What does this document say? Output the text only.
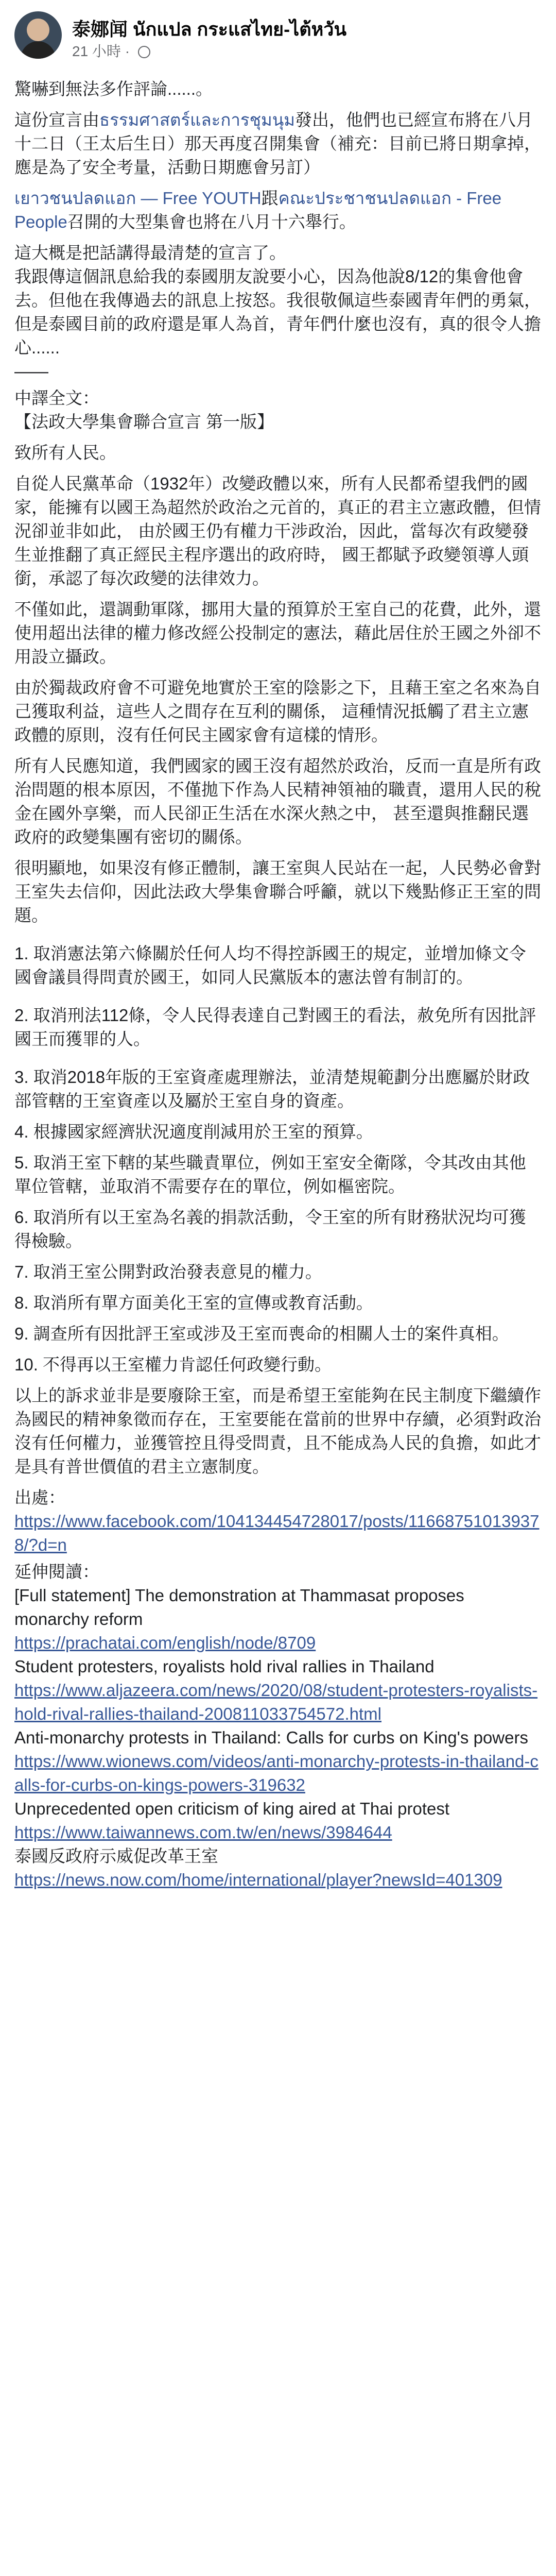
泰娜闻 นักแปล กระแสไทย-ไต้หวัน
21 小時 ·

驚嚇到無法多作評論......。

這份宣言由ธรรมศาสตร์และการชุมนุม發出，他們也已經宣布將在八月十二日（王太后生日）那天再度召開集會（補充：目前已將日期拿掉，應是為了安全考量，活動日期應會另訂）

เยาวชนปลดแอก — Free YOUTH跟คณะประชาชนปลดแอก - Free People召開的大型集會也將在八月十六舉行。

這大概是把話講得最清楚的宣言了。

我跟傳這個訊息給我的泰國朋友說要小心，因為他說8/12的集會他會去。但他在我傳過去的訊息上按怒。我很敬佩這些泰國青年們的勇氣，但是泰國目前的政府還是軍人為首，青年們什麼也沒有，真的很令人擔心......

——

中譯全文：

【法政大學集會聯合宣言 第一版】

致所有人民。

自從人民黨革命（1932年）改變政體以來，所有人民都希望我們的國家，能擁有以國王為超然於政治之元首的，真正的君主立憲政體，但情況卻並非如此， 由於國王仍有權力干涉政治，因此，當每次有政變發生並推翻了真正經民主程序選出的政府時， 國王都賦予政變領導人頭銜，承認了每次政變的法律效力。

不僅如此，還調動軍隊，挪用大量的預算於王室自己的花費，此外，還使用超出法律的權力修改經公投制定的憲法，藉此居住於王國之外卻不用設立攝政。

由於獨裁政府會不可避免地實於王室的陰影之下，且藉王室之名來為自己獲取利益，這些人之間存在互利的關係， 這種情況抵觸了君主立憲政體的原則，沒有任何民主國家會有這樣的情形。

所有人民應知道，我們國家的國王沒有超然於政治，反而一直是所有政治問題的根本原因，不僅拋下作為人民精神領袖的職責，還用人民的稅金在國外享樂，而人民卻正生活在水深火熱之中， 甚至還與推翻民選政府的政變集團有密切的關係。

很明顯地，如果沒有修正體制，讓王室與人民站在一起，人民勢必會對王室失去信仰，因此法政大學集會聯合呼籲，就以下幾點修正王室的問題。

1. 取消憲法第六條關於任何人均不得控訴國王的規定，並增加條文令國會議員得問責於國王，如同人民黨版本的憲法曾有制訂的。

2. 取消刑法112條，令人民得表達自己對國王的看法，赦免所有因批評國王而獲罪的人。

3. 取消2018年版的王室資產處理辦法，並清楚規範劃分出應屬於財政部管轄的王室資產以及屬於王室自身的資產。

4. 根據國家經濟狀況適度削減用於王室的預算。

5. 取消王室下轄的某些職責單位，例如王室安全衛隊，令其改由其他單位管轄，並取消不需要存在的單位，例如樞密院。

6. 取消所有以王室為名義的捐款活動，令王室的所有財務狀況均可獲得檢驗。

7. 取消王室公開對政治發表意見的權力。

8. 取消所有單方面美化王室的宣傳或教育活動。

9. 調查所有因批評王室或涉及王室而喪命的相關人士的案件真相。

10. 不得再以王室權力肯認任何政變行動。

以上的訴求並非是要廢除王室，而是希望王室能夠在民主制度下繼續作為國民的精神象徵而存在，王室要能在當前的世界中存續，必須對政治沒有任何權力，並獲管控且得受問責，且不能成為人民的負擔，如此才是具有普世價值的君主立憲制度。

出處：
https://www.facebook.com/104134454728017/posts/116687510139378/?d=n
延伸閱讀：
[Full statement] The demonstration at Thammasat proposes monarchy reform
https://prachatai.com/english/node/8709
Student protesters, royalists hold rival rallies in Thailand
https://www.aljazeera.com/news/2020/08/student-protesters-royalists-hold-rival-rallies-thailand-200811033754572.html
Anti-monarchy protests in Thailand: Calls for curbs on King's powers
https://www.wionews.com/videos/anti-monarchy-protests-in-thailand-calls-for-curbs-on-kings-powers-319632
Unprecedented open criticism of king aired at Thai protest
https://www.taiwannews.com.tw/en/news/3984644
泰國反政府示威促改革王室
https://news.now.com/home/international/player?newsId=401309
